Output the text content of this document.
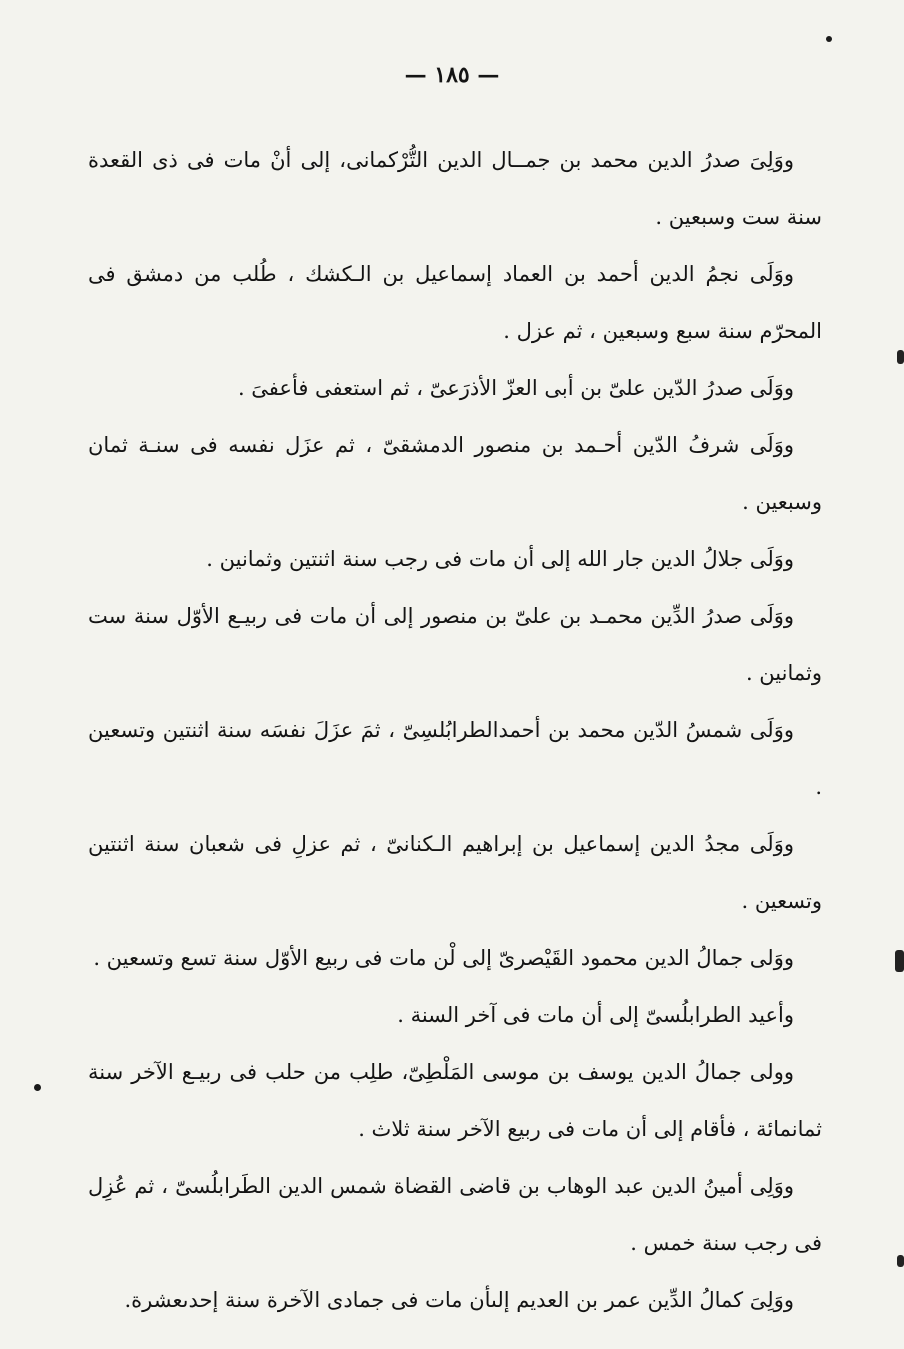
— ١٨٥ —

ووَلِىَ صدرُ الدين محمد بن جمــال الدين التُّرْكمانى، إلى أنْ مات فى ذى القعدة سنة ست وسبعين .

ووَلَى نجمُ الدين أحمد بن العماد إسماعيل بن الـكشك ، طُلب من دمشق فى المحرّم سنة سبع وسبعين ، ثم عزل .

ووَلَى صدرُ الدّين علىّ بن أبى العزّ الأذرَعىّ ، ثم استعفى فأعفىَ .

ووَلَى شرفُ الدّين أحـمد بن منصور الدمشقىّ ، ثم عزَل نفسه فى سنـة ثمان وسبعين .

ووَلَى جلالُ الدين جار الله إلى أن مات فى رجب سنة اثنتين وثمانين .

ووَلَى صدرُ الدِّين محمـد بن علىّ بن منصور إلى أن مات فى ربيـع الأوّل سنة ست وثمانين .

ووَلَى شمسُ الدّين محمد بن أحمدالطرابُلسِىّ ، ثمَ عزَلَ نفسَه سنة اثنتين وتسعين .

ووَلَى مجدُ الدين إسماعيل بن إبراهيم الـكنانىّ ، ثم عزلِ فى شعبان سنة اثنتين وتسعين .

ووَلى جمالُ الدين محمود القَيْصرىّ إلى لْن مات فى ربيع الأوّل سنة تسع وتسعين .

وأعيد الطرابلُسىّ إلى أن مات فى آخر السنة .

وولى جمالُ الدين يوسف بن موسى المَلْطِىّ، طلِب من حلب فى ربيـع الآخر سنة ثمانمائة ، فأقام إلى أن مات فى ربيع الآخر سنة ثلاث .

ووَلِى أمينُ الدين عبد الوهاب بن قاضى القضاة شمس الدين الطَرابلُسىّ ، ثم عُزِل فى رجب سنة خمس .

ووَلِىَ كمالُ الدِّين عمر بن العديم إلىأن مات فى جمادى الآخرة سنة إحدىعشرة.
